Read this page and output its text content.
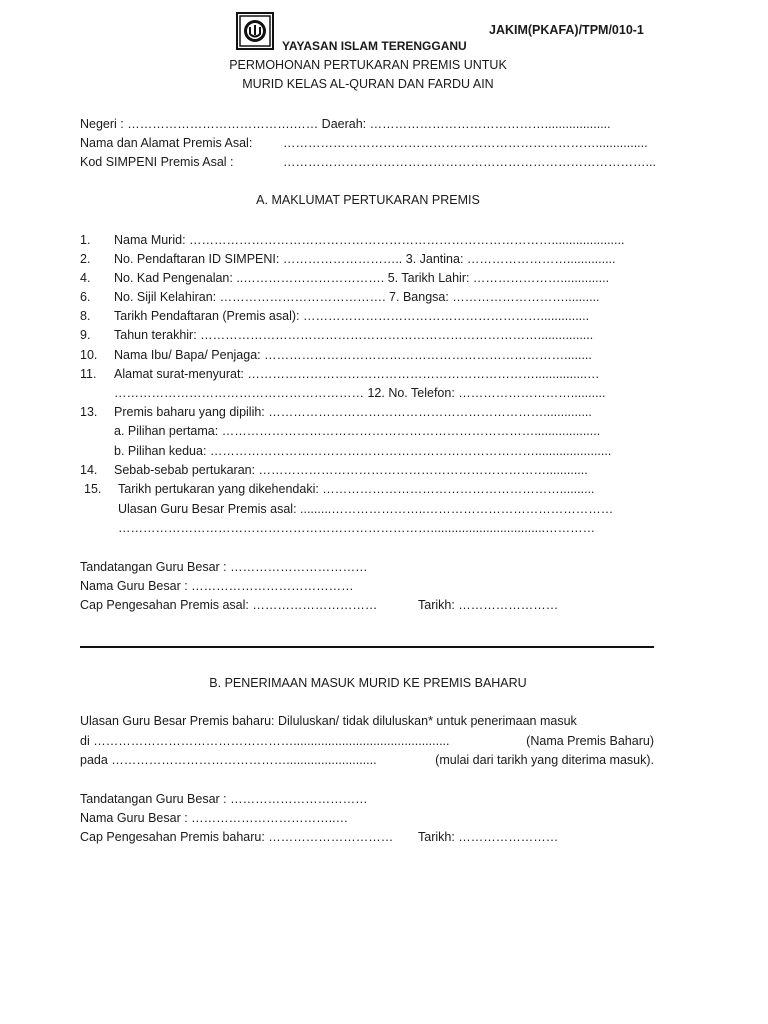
JAKIM(PKAFA)/TPM/010-1
YAYASAN ISLAM TERENGGANU
PERMOHONAN PERTUKARAN PREMIS UNTUK
MURID KELAS AL-QURAN DAN FARDU AIN
Negeri : ………………………………….…… Daerah: ……………………………………...................
Nama dan Alamat Premis Asal: …………………………………………………………………...............
Kod SIMPENI Premis Asal :	……………………………………………………………………………...
A. MAKLUMAT PERTUKARAN PREMIS
1. Nama Murid: …………………………………………………………………………….....................
2. No. Pendaftaran ID SIMPENI: ……………………….. 3. Jantina: ……………………..............
4. No. Kad Pengenalan: ..……………………………. 5. Tarikh Lahir: …………………..............
6. No. Sijil Kelahiran: …………………………………. 7. Bangsa: ………………………..........
8. Tarikh Pendaftaran (Premis asal): …………………………………………………..............
9. Tahun terakhir: ………………………………………………………………………................
10. Nama Ibu/ Bapa/ Penjaga: ………………………………………………………………........
11. Alamat surat-menyurat: ……………………………………………………………...............…
…………………………………………………… 12. No. Telefon: ………………………..........
13. Premis baharu yang dipilih: …………………………………………………………..............
a. Pilihan pertama: …………………………………………………………………...................
b. Pilihan kedua: ……………………………………………………………………......................
14. Sebab-sebab pertukaran: ……………………………………………………………............
15. Tarikh pertukaran yang dikehendaki: …………………………………………………..........
Ulasan Guru Besar Premis asal: .........…………………..………………………………………
………………………………………………………………….................................…………
Tandatangan Guru Besar : ……………………………
Nama Guru Besar : …………………………………
Cap Pengesahan Premis asal: …………………………	Tarikh: ……………………
B. PENERIMAAN MASUK MURID KE PREMIS BAHARU
Ulasan Guru Besar Premis baharu: Diluluskan/ tidak diluluskan* untuk penerimaan masuk
di ………………………………………….............................................	(Nama Premis Baharu)
pada ……………………………………..........................	(mulai dari tarikh yang diterima masuk).
Tandatangan Guru Besar : ……………………………
Nama Guru Besar : ……………………………..…
Cap Pengesahan Premis baharu: ………………………… Tarikh: ……………………
